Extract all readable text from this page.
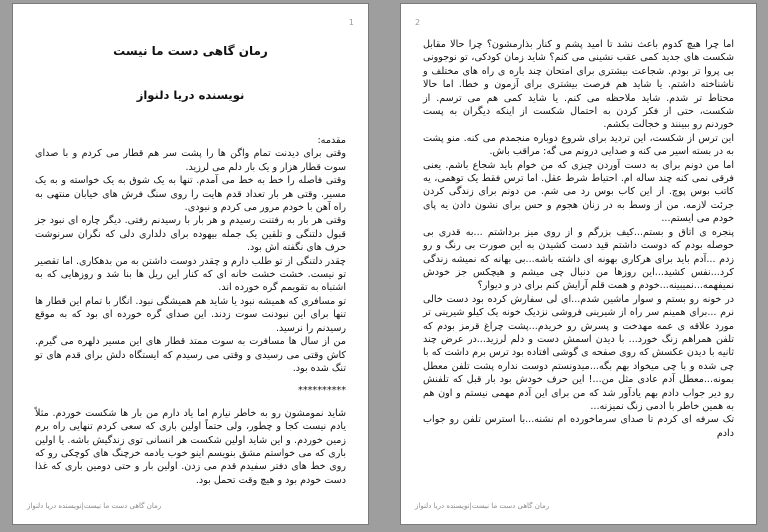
1
رمان گاهی دست ما نیست
نویسنده دریا دلنواز

مقدمه:

وقتی برای دیدنت تمام واگن ها را پشت سر هم قطار می کردم و با صدای سوت قطار هزار و یک بار دلم می لرزید.

وقتی فاصله را خط به خط می آمدم. تنها به یک شوق به یک خواسته و به یک مسیر. وقتی هر بار تعداد قدم هایت را روی سنگ فرش های خیابان منتهی به راه آهن با خودم مرور می کردم و نبودی.

وقتی هر بار به رفتنت رسیدم و هر بار با رسیدنم رفتی. دیگر چاره ای نبود جز قبول دلتنگی و تلقین یک جمله بیهوده برای دلداری دلی که نگران سرنوشت حرف های نگفته اش بود.

چقدر دلتنگی از تو طلب دارم و چقدر دوست داشتن به من بدهکاری. اما تقصیر تو نیست. خشت خشت خانه ای که کنار این ریل ها بنا شد و روزهایی که به اشتباه به تقویمم گره خورده اند.

تو مسافری که همیشه نبود یا شاید هم همیشگی نبود. انگار با تمام این قطار ها تنها برای این نبودنت سوت زدند. این صدای گره خورده ای بود که به موقع رسیدنم را نرسید.

من از سال ها مسافرت به سوت ممتد قطار های این مسیر دلهره می گیرم. کاش وقتی می رسیدی و وقتی می رسیدم که ایستگاه دلش برای قدم های تو تنگ شده بود.

**********

شاید نمومشون رو به خاطر نیارم اما یاد دارم من بار ها شکست خوردم. مثلاً یادم نیست کجا و چطور، ولی حتماً اولین باری که سعی کردم تنهایی راه برم زمین خوردم. و این شاید اولین شکست هر انسانی توی زندگیش باشه. یا اولین باری که می خواستم مشق بنویسم اینو خوب یادمه خرچنگ های کوچکی رو که روی خط های دفتر سفیدم قدم می زدن. اولین بار و حتی دومین باری که غذا دست خودم بود و هیچ وقت تحمل بود.

رمان گاهی دست ما نیست|نویسنده دریا دلنواز
2

اما چرا هیچ کدوم باعث نشد تا امید پشم و کنار بذارمشون؟ چرا حالا مقابل شکست های جدید کمی عقب نشینی می کنم؟ شاید زمان کودکی، تو نوجوونی بی پروا تر بودم. شجاعت بیشتری برای امتحان چند باره ی راه های مختلف و ناشناخته داشتم. یا شاید هم فرصت بیشتری برای آزمون و خطا. اما حالا محتاط تر شدم. شاید ملاحظه می کنم. یا شاید کمی هم می ترسم. از شکست، حتی از فکر کردن به احتمال شکست از اینکه دیگران به پست خوردنم رو ببینند و خجالت بکشم.

این ترس از شکست، این تردید برای شروع دوباره منجمدم می کنه. منو پشت به در بسته اسیر می کنه و صدایی درونم می گه: مراقب باش.

اما من دونم برای به دست آوردن چیزی که من خوام باید شجاع باشم. یعنی فرقی نمی کنه چند ساله ام. احتیاط شرط عقل. اما ترس فقط یک توهمی، یه کاتب بوس پوچ. از این کاب بوس رد می شم. من دونم برای زندگی کردن جرئت لازمه. من از وسط به در زنان هجوم و حس برای نشون دادن یه پای خودم می ایستم...

پنجره ی اتاق و بستم...کیف بزرگم و از روی میز برداشتم ...به قدری بی حوصله بودم که دوست داشتم قید دست کشیدن به این صورت بی رنگ و رو زدم ...آدم باید برای هرکاری بهونه ای داشته باشه...بی بهانه که نمیشه زندگی کرد...نفس کشید...این روزها من دنبال چی میشم و هیچکس جز خودش نمیفهمه...نمیبینه...خودم و همت قلم آرایش کنم برای در و دیوار؟

در خونه رو بستم و سوار ماشین شدم...ای لی سفارش کرده بود دست خالی نرم ...برای همینم سر راه از شیرینی فروشی نزدیک خونه یک کیلو شیرینی تر مورد علاقه ی عمه مهدخت و پسرش رو خریدم...پشت چراغ قرمز بودم که تلفن همراهم زنگ خورد... با دیدن اسمش دست و دلم لرزید...در عرض چند ثانیه با دیدن عکسش که روی صفحه ی گوشی افتاده بود ترس برم داشت که با چی شده و با چی میخواد بهم بگه...میدونستم دوست نداره پشت تلفن معطل بمونه...معطل آدم عادی مثل من...! این حرف خودش بود بار قبل که تلفنش رو دیر جواب دادم بهم یادآور شد که من برای این آدم مهمی نیستم و اون هم به همین خاطر با ادمی زنگ نمیزنه...

تک سرفه ای کردم تا صدای سرماخورده ام نشنه...با استرس تلفن رو جواب دادم

رمان گاهی دست ما نیست|نویسنده دریا دلنواز
